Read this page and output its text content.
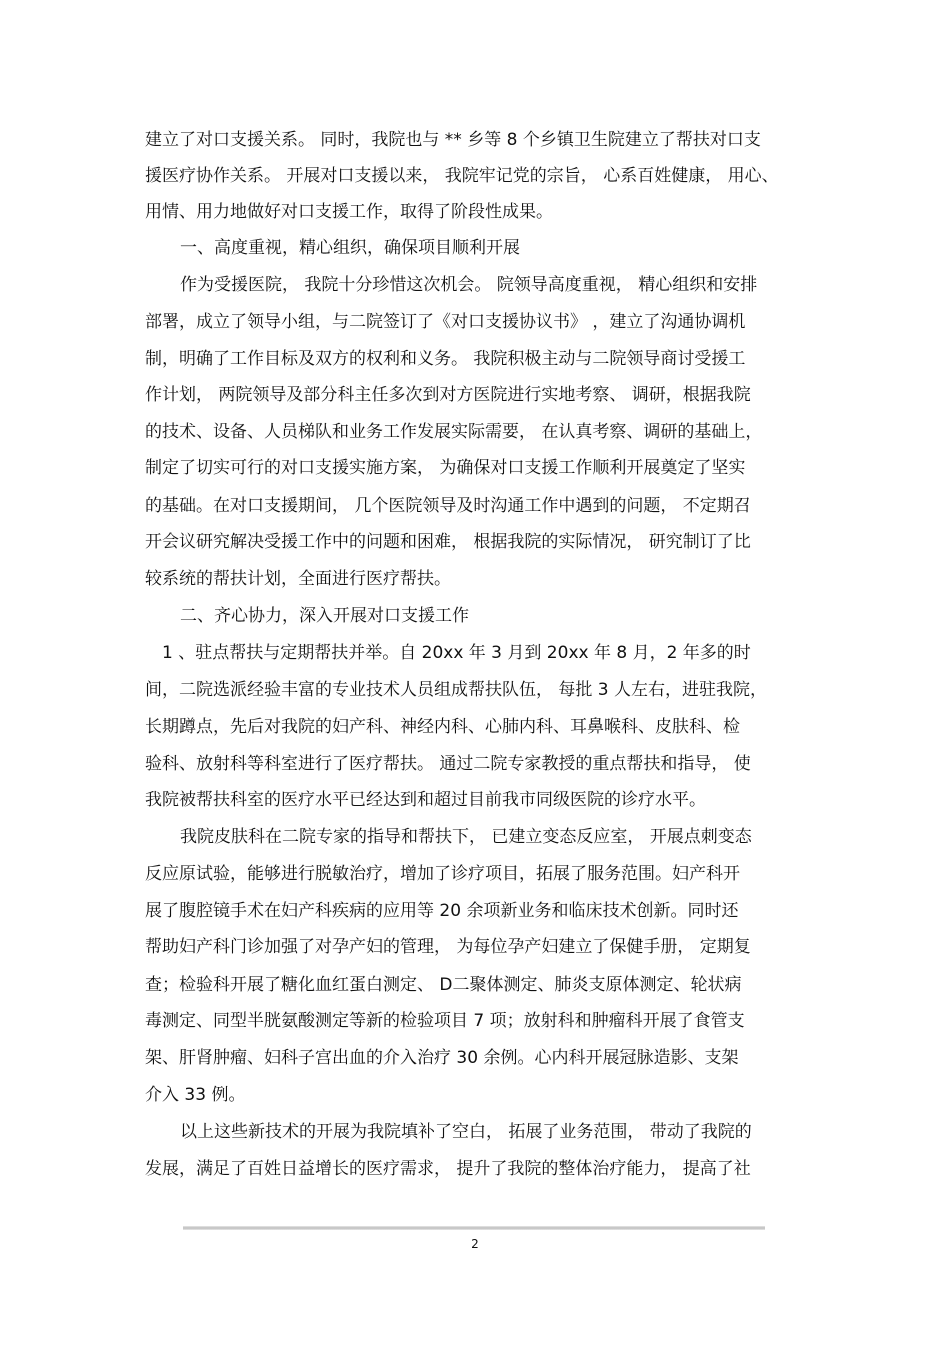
建立了对口支援关系。 同时，我院也与 ** 乡等 8 个乡镇卫生院建立了帮扶对口支
援医疗协作关系。 开展对口支援以来， 我院牢记党的宗旨， 心系百姓健康， 用心、
用情、用力地做好对口支援工作，取得了阶段性成果。
一、高度重视，精心组织，确保项目顺利开展
作为受援医院， 我院十分珍惜这次机会。 院领导高度重视， 精心组织和安排
部署，成立了领导小组，与二院签订了《对口支援协议书》 ，建立了沟通协调机
制，明确了工作目标及双方的权利和义务。 我院积极主动与二院领导商讨受援工
作计划， 两院领导及部分科主任多次到对方医院进行实地考察、 调研，根据我院
的技术、设备、人员梯队和业务工作发展实际需要， 在认真考察、调研的基础上，
制定了切实可行的对口支援实施方案， 为确保对口支援工作顺利开展奠定了坚实
的基础。在对口支援期间， 几个医院领导及时沟通工作中遇到的问题， 不定期召
开会议研究解决受援工作中的问题和困难， 根据我院的实际情况， 研究制订了比
较系统的帮扶计划，全面进行医疗帮扶。
二、齐心协力，深入开展对口支援工作
1 、驻点帮扶与定期帮扶并举。自 20xx 年 3 月到 20xx 年 8 月，2 年多的时
间，二院选派经验丰富的专业技术人员组成帮扶队伍， 每批 3 人左右，进驻我院，
长期蹲点，先后对我院的妇产科、神经内科、心肺内科、耳鼻喉科、皮肤科、检
验科、放射科等科室进行了医疗帮扶。 通过二院专家教授的重点帮扶和指导， 使
我院被帮扶科室的医疗水平已经达到和超过目前我市同级医院的诊疗水平。
我院皮肤科在二院专家的指导和帮扶下， 已建立变态反应室， 开展点刺变态
反应原试验，能够进行脱敏治疗，增加了诊疗项目，拓展了服务范围。妇产科开
展了腹腔镜手术在妇产科疾病的应用等 20 余项新业务和临床技术创新。同时还
帮助妇产科门诊加强了对孕产妇的管理， 为每位孕产妇建立了保健手册， 定期复
查；检验科开展了糖化血红蛋白测定、 D二聚体测定、肺炎支原体测定、轮状病
毒测定、同型半胱氨酸测定等新的检验项目 7 项；放射科和肿瘤科开展了食管支
架、肝肾肿瘤、妇科子宫出血的介入治疗 30 余例。心内科开展冠脉造影、支架
介入 33 例。
以上这些新技术的开展为我院填补了空白， 拓展了业务范围， 带动了我院的
发展，满足了百姓日益增长的医疗需求， 提升了我院的整体治疗能力， 提高了社
2
